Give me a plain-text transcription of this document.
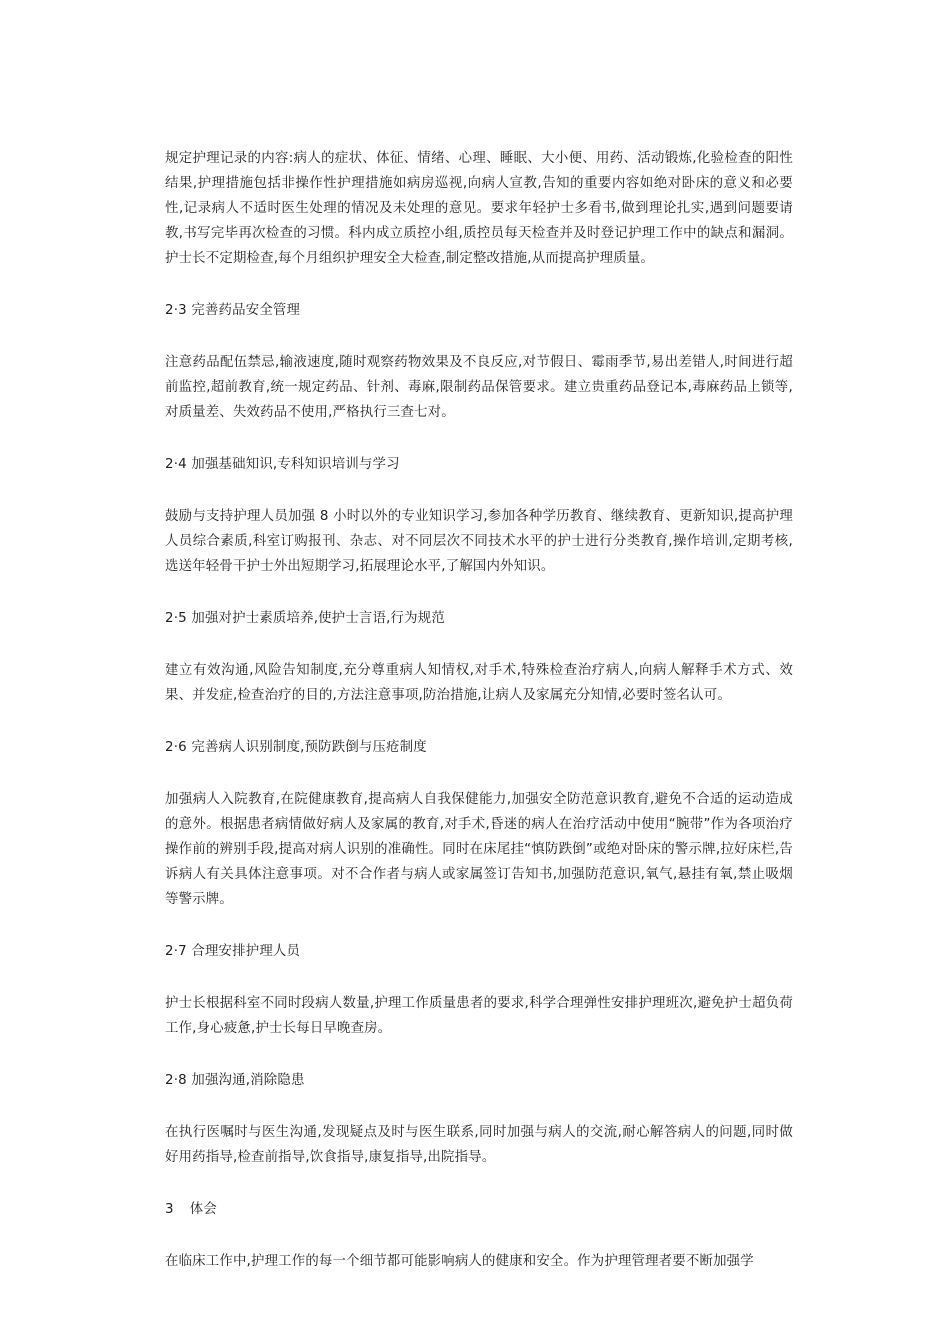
规定护理记录的内容:病人的症状、体征、情绪、心理、睡眠、大小便、用药、活动锻炼,化验检查的阳性结果,护理措施包括非操作性护理措施如病房巡视,向病人宣教,告知的重要内容如绝对卧床的意义和必要性,记录病人不适时医生处理的情况及未处理的意见。要求年轻护士多看书,做到理论扎实,遇到问题要请教,书写完毕再次检查的习惯。科内成立质控小组,质控员每天检查并及时登记护理工作中的缺点和漏洞。护士长不定期检查,每个月组织护理安全大检查,制定整改措施,从而提高护理质量。

2·3 完善药品安全管理

注意药品配伍禁忌,输液速度,随时观察药物效果及不良反应,对节假日、霉雨季节,易出差错人,时间进行超前监控,超前教育,统一规定药品、针剂、毒麻,限制药品保管要求。建立贵重药品登记本,毒麻药品上锁等,对质量差、失效药品不使用,严格执行三查七对。

2·4 加强基础知识,专科知识培训与学习

鼓励与支持护理人员加强 8 小时以外的专业知识学习,参加各种学历教育、继续教育、更新知识,提高护理人员综合素质,科室订购报刊、杂志、对不同层次不同技术水平的护士进行分类教育,操作培训,定期考核,选送年轻骨干护士外出短期学习,拓展理论水平,了解国内外知识。

2·5 加强对护士素质培养,使护士言语,行为规范

建立有效沟通,风险告知制度,充分尊重病人知情权,对手术,特殊检查治疗病人,向病人解释手术方式、效果、并发症,检查治疗的目的,方法注意事项,防治措施,让病人及家属充分知情,必要时签名认可。

2·6 完善病人识别制度,预防跌倒与压疮制度

加强病人入院教育,在院健康教育,提高病人自我保健能力,加强安全防范意识教育,避免不合适的运动造成的意外。根据患者病情做好病人及家属的教育,对手术,昏迷的病人在治疗活动中使用“腕带”作为各项治疗操作前的辨别手段,提高对病人识别的准确性。同时在床尾挂“慎防跌倒”或绝对卧床的警示牌,拉好床栏,告诉病人有关具体注意事项。对不合作者与病人或家属签订告知书,加强防范意识,氧气,悬挂有氧,禁止吸烟等警示牌。

2·7 合理安排护理人员

护士长根据科室不同时段病人数量,护理工作质量患者的要求,科学合理弹性安排护理班次,避免护士超负荷工作,身心疲惫,护士长每日早晚查房。

2·8 加强沟通,消除隐患

在执行医嘱时与医生沟通,发现疑点及时与医生联系,同时加强与病人的交流,耐心解答病人的问题,同时做好用药指导,检查前指导,饮食指导,康复指导,出院指导。

3 体会

在临床工作中,护理工作的每一个细节都可能影响病人的健康和安全。作为护理管理者要不断加强学
